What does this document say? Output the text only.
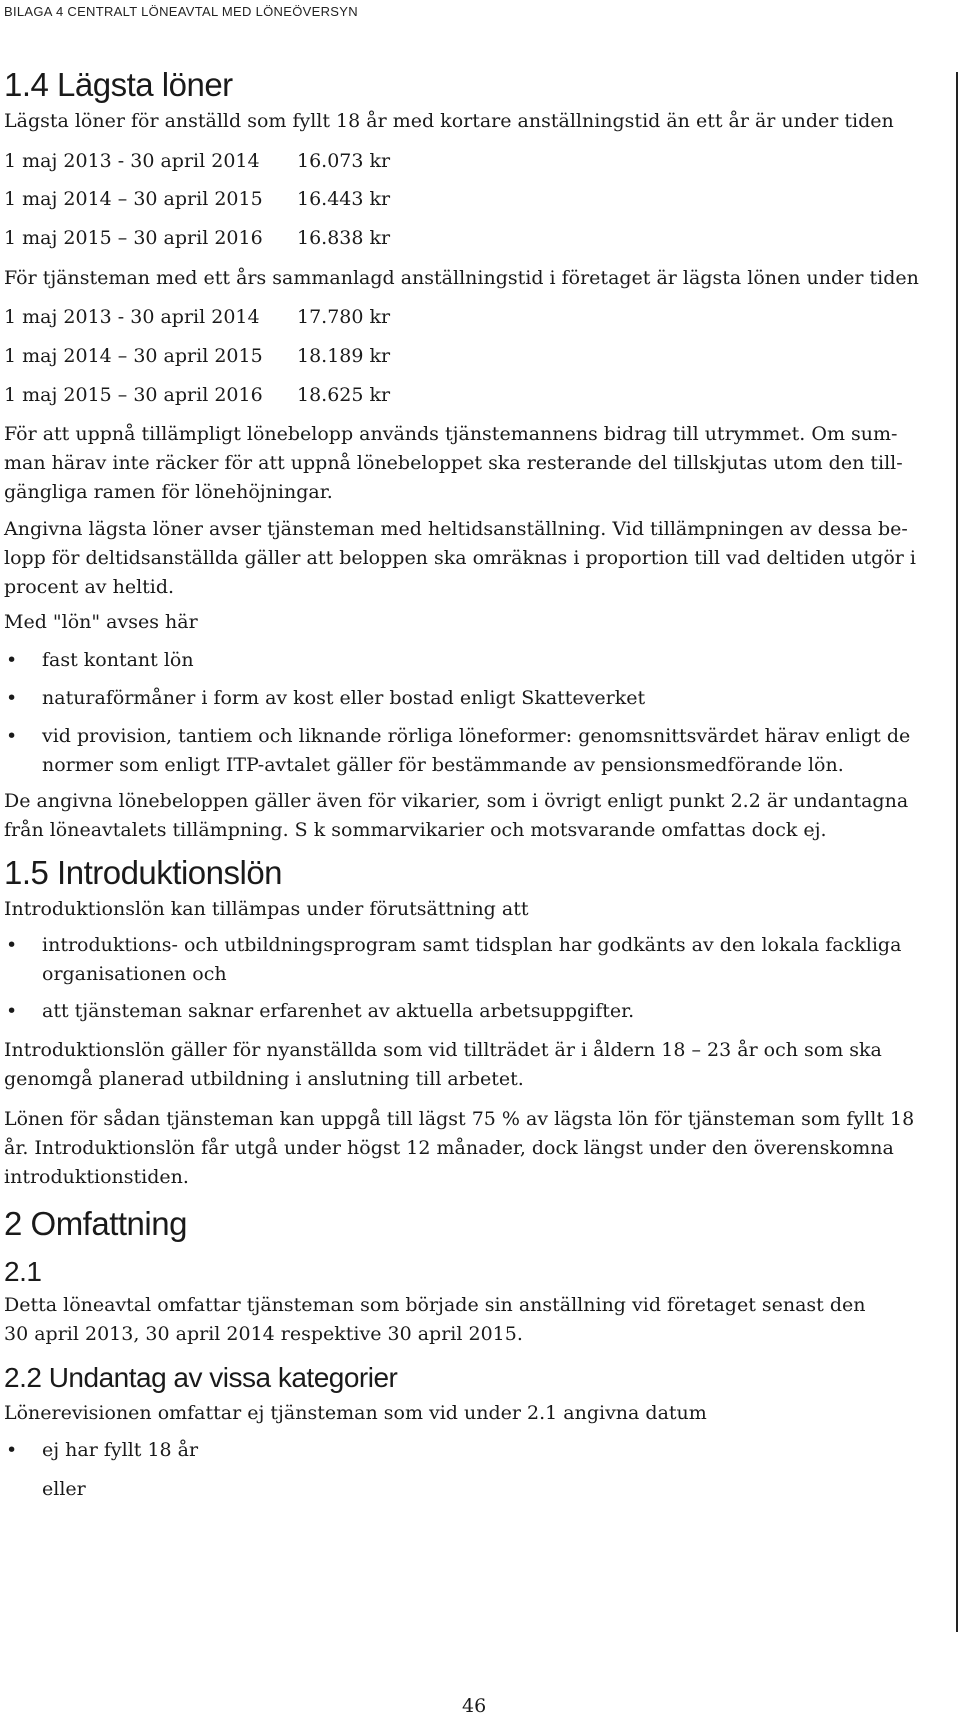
BILAGA 4 CENTRALT LÖNEAVTAL MED LÖNEÖVERSYN
1.4 Lägsta löner
Lägsta löner för anställd som fyllt 18 år med kortare anställningstid än ett år är under tiden
1 maj 2013 - 30 april 2014 16.073 kr
1 maj 2014 – 30 april 2015 16.443 kr
1 maj 2015 – 30 april 2016 16.838 kr
För tjänsteman med ett års sammanlagd anställningstid i företaget är lägsta lönen under tiden
1 maj 2013 - 30 april 2014 17.780 kr
1 maj 2014 – 30 april 2015 18.189 kr
1 maj 2015 – 30 april 2016 18.625 kr
För att uppnå tillämpligt lönebelopp används tjänstemannens bidrag till utrymmet. Om sum-
man härav inte räcker för att uppnå lönebeloppet ska resterande del tillskjutas utom den till-
gängliga ramen för lönehöjningar.
Angivna lägsta löner avser tjänsteman med heltidsanställning. Vid tillämpningen av dessa be-
lopp för deltidsanställda gäller att beloppen ska omräknas i proportion till vad deltiden utgör i
procent av heltid.
Med "lön" avses här
• fast kontant lön
• naturaförmåner i form av kost eller bostad enligt Skatteverket
• vid provision, tantiem och liknande rörliga löneformer: genomsnittsvärdet härav enligt de
normer som enligt ITP-avtalet gäller för bestämmande av pensionsmedförande lön.
De angivna lönebeloppen gäller även för vikarier, som i övrigt enligt punkt 2.2 är undantagna
från löneavtalets tillämpning. S k sommarvikarier och motsvarande omfattas dock ej.
1.5 Introduktionslön
Introduktionslön kan tillämpas under förutsättning att
• introduktions- och utbildningsprogram samt tidsplan har godkänts av den lokala fackliga
organisationen och
• att tjänsteman saknar erfarenhet av aktuella arbetsuppgifter.
Introduktionslön gäller för nyanställda som vid tillträdet är i åldern 18 – 23 år och som ska
genomgå planerad utbildning i anslutning till arbetet.
Lönen för sådan tjänsteman kan uppgå till lägst 75 % av lägsta lön för tjänsteman som fyllt 18
år. Introduktionslön får utgå under högst 12 månader, dock längst under den överenskomna
introduktionstiden.
2 Omfattning
2.1
Detta löneavtal omfattar tjänsteman som började sin anställning vid företaget senast den
30 april 2013, 30 april 2014 respektive 30 april 2015.
2.2 Undantag av vissa kategorier
Lönerevisionen omfattar ej tjänsteman som vid under 2.1 angivna datum
• ej har fyllt 18 år
eller
46
